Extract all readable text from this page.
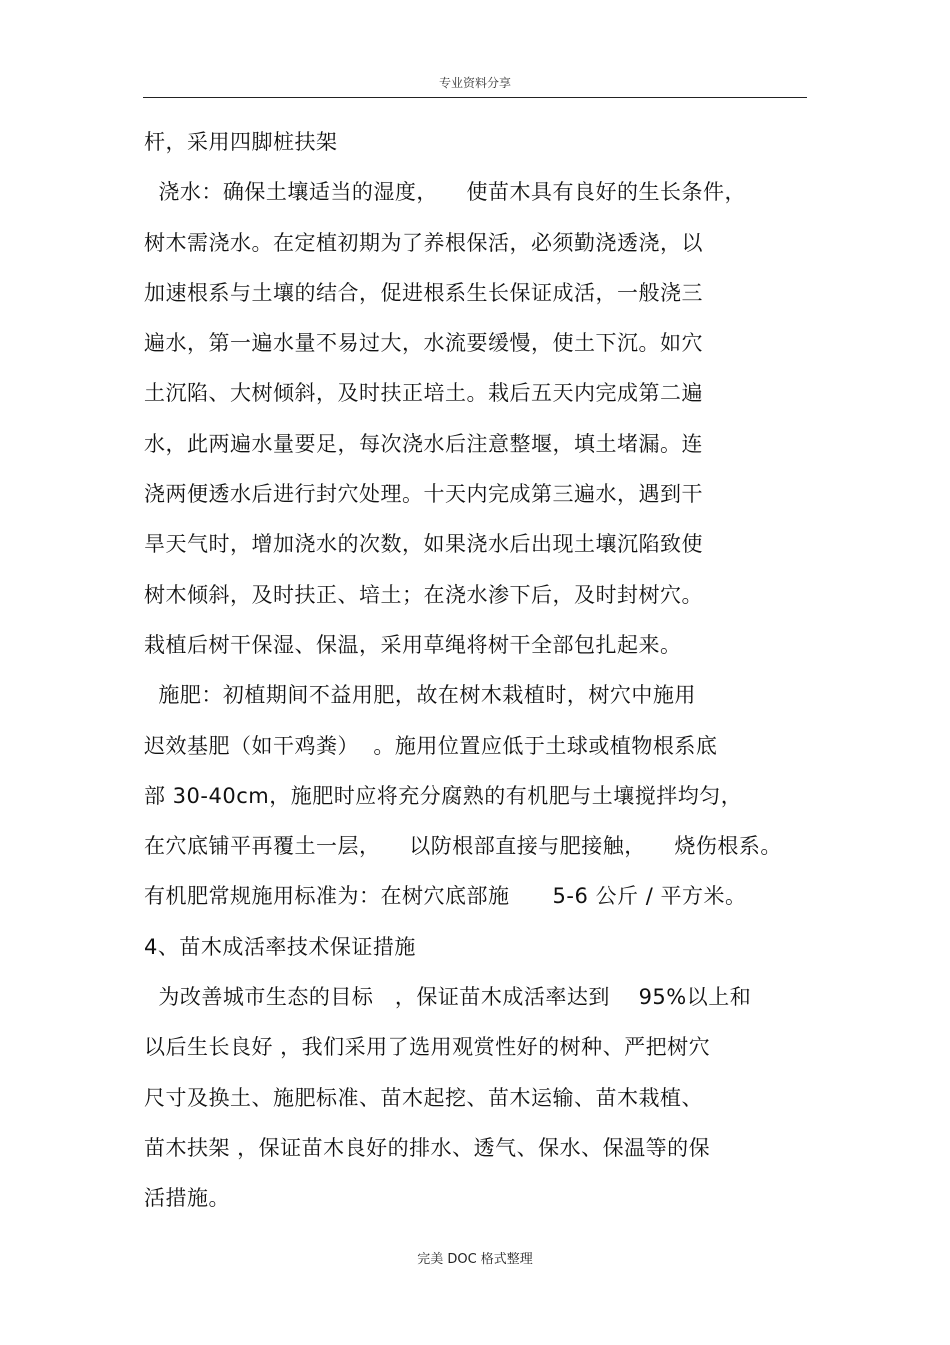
专业资料分享
杆，采用四脚桩扶架
浇水：确保土壤适当的湿度，    使苗木具有良好的生长条件，
树木需浇水。在定植初期为了养根保活，必须勤浇透浇，以
加速根系与土壤的结合，促进根系生长保证成活，一般浇三
遍水，第一遍水量不易过大，水流要缓慢，使土下沉。如穴
土沉陷、大树倾斜，及时扶正培土。栽后五天内完成第二遍
水，此两遍水量要足，每次浇水后注意整堰，填土堵漏。连
浇两便透水后进行封穴处理。十天内完成第三遍水，遇到干
旱天气时，增加浇水的次数，如果浇水后出现土壤沉陷致使
树木倾斜，及时扶正、培土；在浇水渗下后，及时封树穴。
栽植后树干保湿、保温，采用草绳将树干全部包扎起来。
施肥：初植期间不益用肥，故在树木栽植时，树穴中施用
迟效基肥（如干鸡粪）  。施用位置应低于土球或植物根系底
部 30-40cm，施肥时应将充分腐熟的有机肥与土壤搅拌均匀，
在穴底铺平再覆土一层，    以防根部直接与肥接触，    烧伤根系。
有机肥常规施用标准为：在树穴底部施      5-6 公斤 / 平方米。
4、苗木成活率技术保证措施
为改善城市生态的目标   ，保证苗木成活率达到    95%以上和
以后生长良好 ，我们采用了选用观赏性好的树种、严把树穴
尺寸及换土、施肥标准、苗木起挖、苗木运输、苗木栽植、
苗木扶架 ，保证苗木良好的排水、透气、保水、保温等的保
活措施。
完美 DOC 格式整理
